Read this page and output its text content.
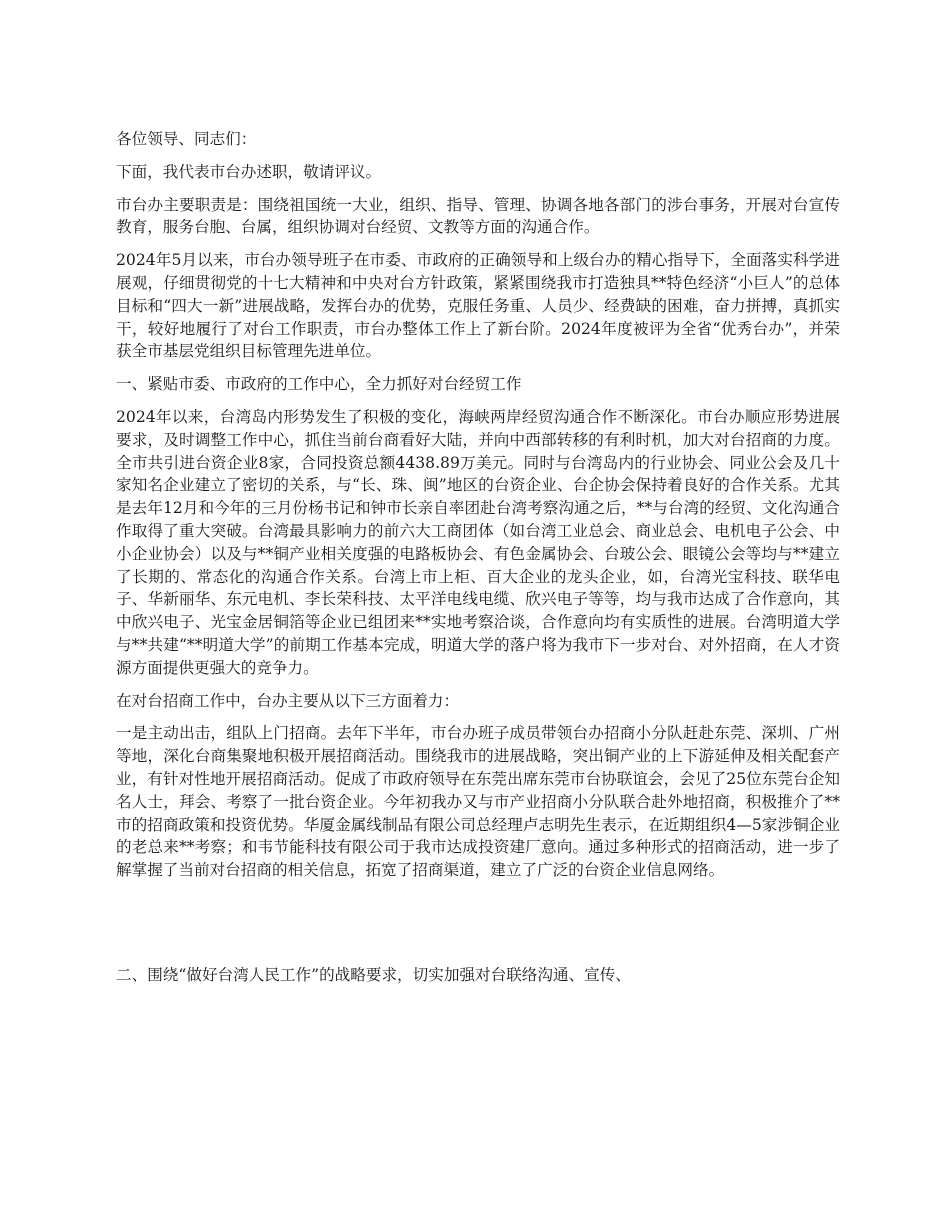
各位领导、同志们：

下面，我代表市台办述职，敬请评议。

市台办主要职责是：围绕祖国统一大业，组织、指导、管理、协调各地各部门的涉台事务，开展对台宣传教育，服务台胞、台属，组织协调对台经贸、文教等方面的沟通合作。

2024年5月以来，市台办领导班子在市委、市政府的正确领导和上级台办的精心指导下，全面落实科学进展观，仔细贯彻党的十七大精神和中央对台方针政策，紧紧围绕我市打造独具**特色经济“小巨人”的总体目标和“四大一新”进展战略，发挥台办的优势，克服任务重、人员少、经费缺的困难，奋力拼搏，真抓实干，较好地履行了对台工作职责，市台办整体工作上了新台阶。2024年度被评为全省“优秀台办”，并荣获全市基层党组织目标管理先进单位。

一、紧贴市委、市政府的工作中心，全力抓好对台经贸工作

2024年以来，台湾岛内形势发生了积极的变化，海峡两岸经贸沟通合作不断深化。市台办顺应形势进展要求，及时调整工作中心，抓住当前台商看好大陆，并向中西部转移的有利时机，加大对台招商的力度。全市共引进台资企业8家，合同投资总额4438.89万美元。同时与台湾岛内的行业协会、同业公会及几十家知名企业建立了密切的关系，与“长、珠、闽”地区的台资企业、台企协会保持着良好的合作关系。尤其是去年12月和今年的三月份杨书记和钟市长亲自率团赴台湾考察沟通之后，**与台湾的经贸、文化沟通合作取得了重大突破。台湾最具影响力的前六大工商团体（如台湾工业总会、商业总会、电机电子公会、中小企业协会）以及与**铜产业相关度强的电路板协会、有色金属协会、台玻公会、眼镜公会等均与**建立了长期的、常态化的沟通合作关系。台湾上市上柜、百大企业的龙头企业，如，台湾光宝科技、联华电子、华新丽华、东元电机、李长荣科技、太平洋电线电缆、欣兴电子等等，均与我市达成了合作意向，其中欣兴电子、光宝金居铜箔等企业已组团来**实地考察洽谈，合作意向均有实质性的进展。台湾明道大学与**共建“**明道大学”的前期工作基本完成，明道大学的落户将为我市下一步对台、对外招商，在人才资源方面提供更强大的竞争力。

在对台招商工作中，台办主要从以下三方面着力：

一是主动出击，组队上门招商。去年下半年，市台办班子成员带领台办招商小分队赶赴东莞、深圳、广州等地，深化台商集聚地积极开展招商活动。围绕我市的进展战略，突出铜产业的上下游延伸及相关配套产业，有针对性地开展招商活动。促成了市政府领导在东莞出席东莞市台协联谊会，会见了25位东莞台企知名人士，拜会、考察了一批台资企业。今年初我办又与市产业招商小分队联合赴外地招商，积极推介了**市的招商政策和投资优势。华厦金属线制品有限公司总经理卢志明先生表示，在近期组织4—5家涉铜企业的老总来**考察；和韦节能科技有限公司于我市达成投资建厂意向。通过多种形式的招商活动，进一步了解掌握了当前对台招商的相关信息，拓宽了招商渠道，建立了广泛的台资企业信息网络。

二、围绕“做好台湾人民工作”的战略要求，切实加强对台联络沟通、宣传、
